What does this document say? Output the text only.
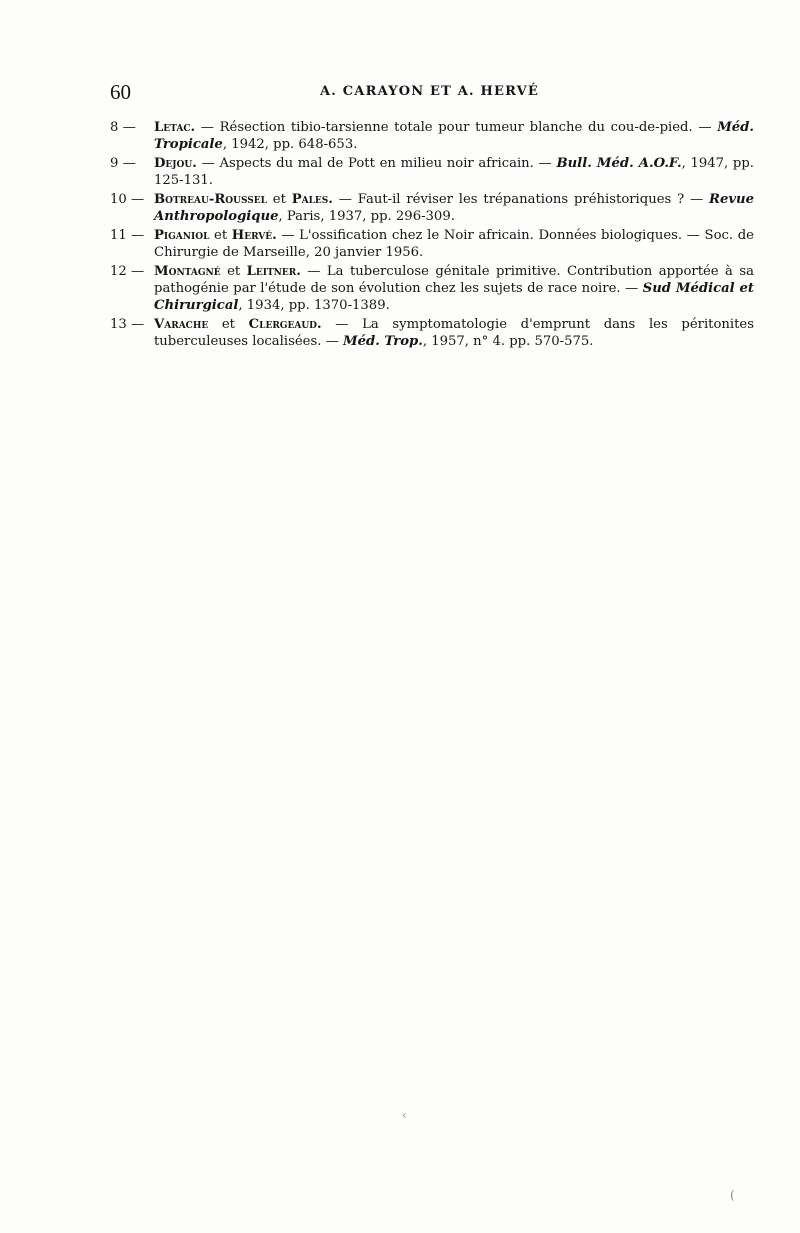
60	A. CARAYON ET A. HERVÉ
8 — Letac. — Résection tibio-tarsienne totale pour tumeur blanche du cou-de-pied. — Méd. Tropicale, 1942, pp. 648-653.
9 — Dejou. — Aspects du mal de Pott en milieu noir africain. — Bull. Méd. A.O.F., 1947, pp. 125-131.
10 — Botreau-Roussel et Pales. — Faut-il réviser les trépanations préhistoriques ? — Revue Anthropologique, Paris, 1937, pp. 296-309.
11 — Piganiol et Hervé. — L'ossification chez le Noir africain. Données biologiques. — Soc. de Chirurgie de Marseille, 20 janvier 1956.
12 — Montagné et Leitner. — La tuberculose génitale primitive. Contribution apportée à sa pathogénie par l'étude de son évolution chez les sujets de race noire. — Sud Médical et Chirurgical, 1934, pp. 1370-1389.
13 — Varache et Clergeaud. — La symptomatologie d'emprunt dans les péritonites tuberculeuses localisées. — Méd. Trop., 1957, n° 4. pp. 570-575.
‹
(
